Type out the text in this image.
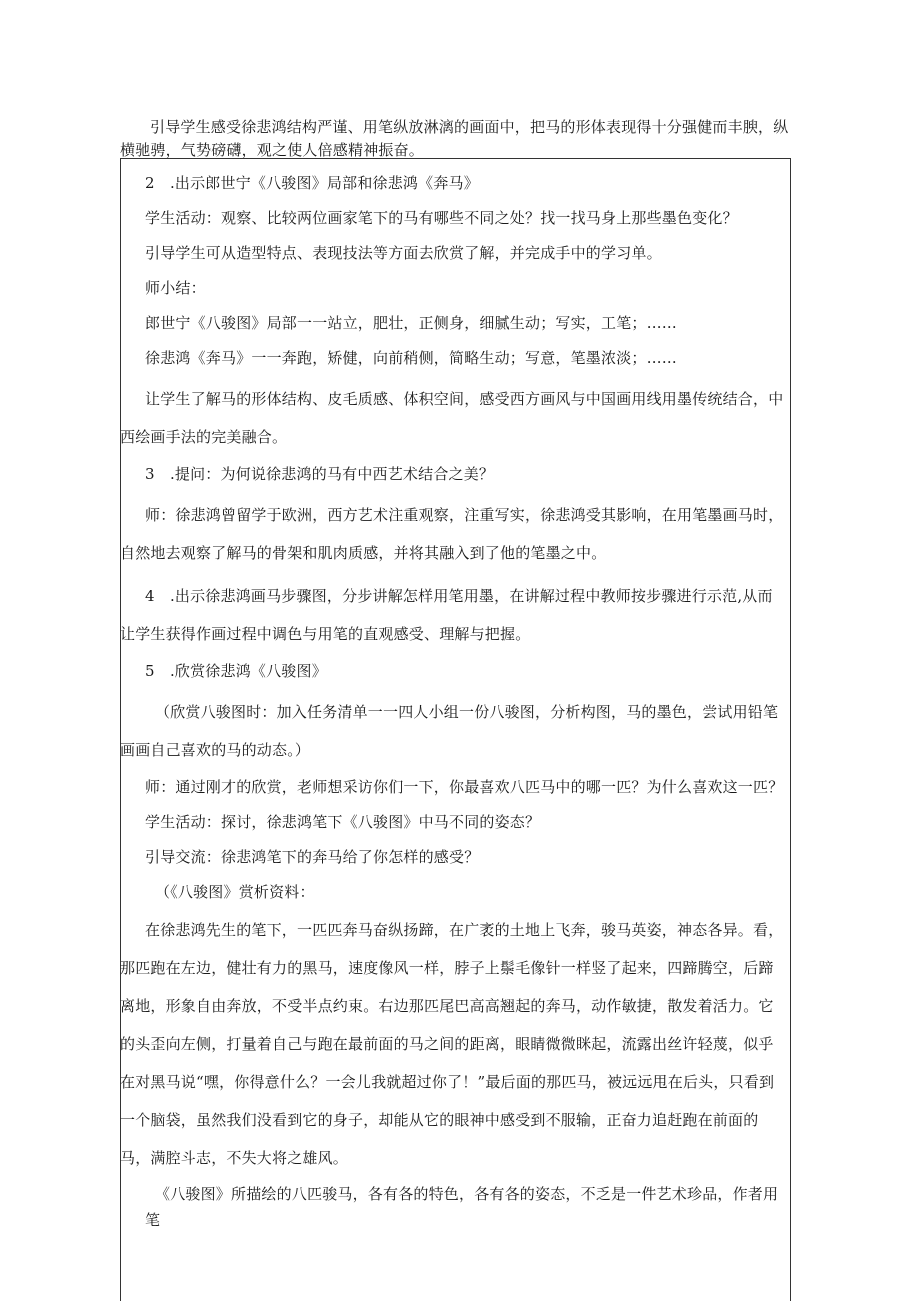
引导学生感受徐悲鸿结构严谨、用笔纵放淋漓的画面中，把马的形体表现得十分强健而丰腴，纵横驰骋，气势磅礴，观之使人倍感精神振奋。

2　.出示郎世宁《八骏图》局部和徐悲鸿《奔马》

学生活动：观察、比较两位画家笔下的马有哪些不同之处？找一找马身上那些墨色变化？

引导学生可从造型特点、表现技法等方面去欣赏了解，并完成手中的学习单。

师小结：

郎世宁《八骏图》局部一一站立，肥壮，正侧身，细腻生动；写实，工笔；……

徐悲鸿《奔马》一一奔跑，矫健，向前稍侧，简略生动；写意，笔墨浓淡；……

让学生了解马的形体结构、皮毛质感、体积空间，感受西方画风与中国画用线用墨传统结合，中西绘画手法的完美融合。

3　.提问：为何说徐悲鸿的马有中西艺术结合之美？

师：徐悲鸿曾留学于欧洲，西方艺术注重观察，注重写实，徐悲鸿受其影响，在用笔墨画马时，自然地去观察了解马的骨架和肌肉质感，并将其融入到了他的笔墨之中。

4　.出示徐悲鸿画马步骤图，分步讲解怎样用笔用墨，在讲解过程中教师按步骤进行示范,从而让学生获得作画过程中调色与用笔的直观感受、理解与把握。

5　.欣赏徐悲鸿《八骏图》

（欣赏八骏图时：加入任务清单一一四人小组一份八骏图，分析构图，马的墨色，尝试用铅笔画画自己喜欢的马的动态。）

师：通过刚才的欣赏，老师想采访你们一下，你最喜欢八匹马中的哪一匹？为什么喜欢这一匹？

学生活动：探讨，徐悲鸿笔下《八骏图》中马不同的姿态？

引导交流：徐悲鸿笔下的奔马给了你怎样的感受？

（《八骏图》赏析资料：

在徐悲鸿先生的笔下，一匹匹奔马奋纵扬蹄，在广袤的土地上飞奔，骏马英姿，神态各异。看，那匹跑在左边，健壮有力的黑马，速度像风一样，脖子上鬃毛像针一样竖了起来，四蹄腾空，后蹄离地，形象自由奔放，不受半点约束。右边那匹尾巴高高翘起的奔马，动作敏捷，散发着活力。它的头歪向左侧，打量着自己与跑在最前面的马之间的距离，眼睛微微眯起，流露出丝许轻蔑，似乎在对黑马说“嘿，你得意什么？一会儿我就超过你了！”最后面的那匹马，被远远甩在后头，只看到一个脑袋，虽然我们没看到它的身子，却能从它的眼神中感受到不服输，正奋力追赶跑在前面的马，满腔斗志，不失大将之雄风。

《八骏图》所描绘的八匹骏马，各有各的特色，各有各的姿态，不乏是一件艺术珍品，作者用笔
